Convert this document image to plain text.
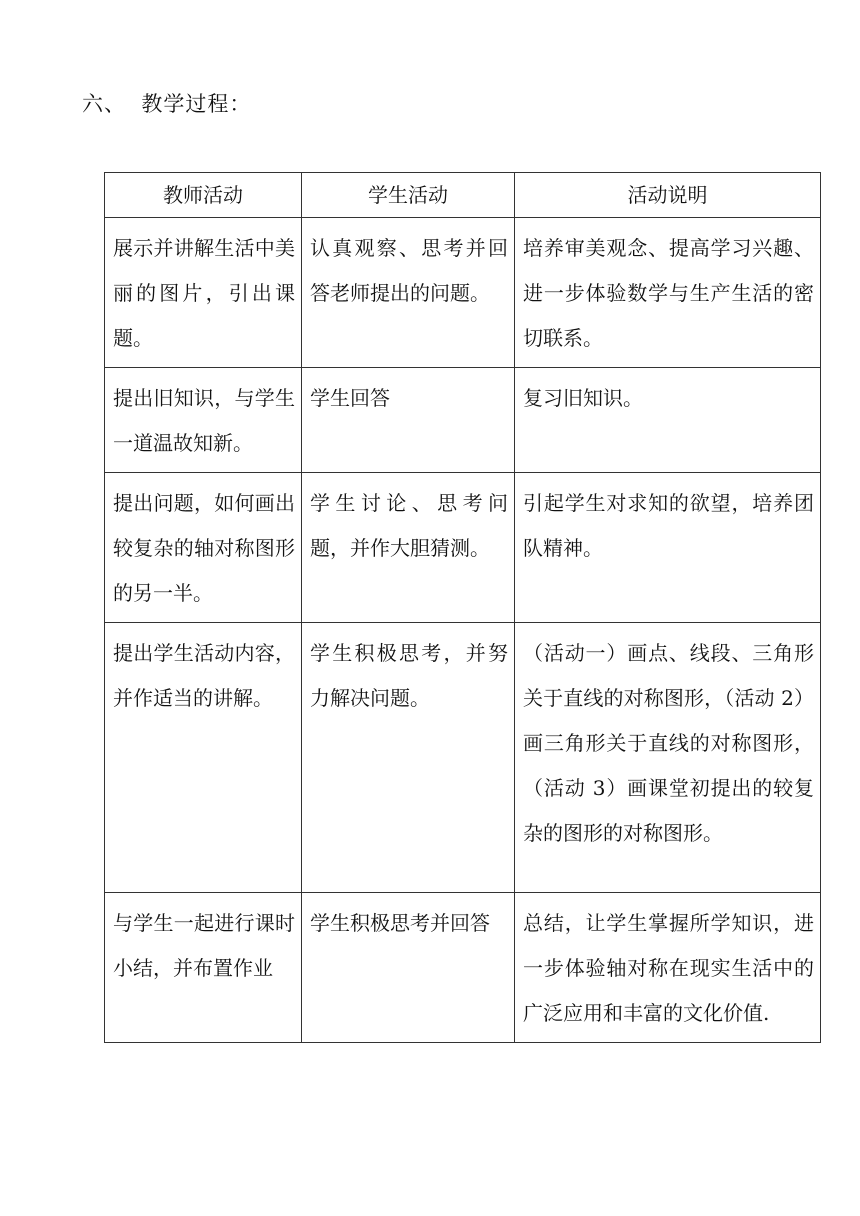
六、 教学过程：
教师活动	学生活动	活动说明
展示并讲解生活中美丽的图片，引出课题。	认真观察、思考并回答老师提出的问题。	培养审美观念、提高学习兴趣、进一步体验数学与生产生活的密切联系。
提出旧知识，与学生一道温故知新。	学生回答	复习旧知识。
提出问题，如何画出较复杂的轴对称图形的另一半。	学生讨论、思考问题，并作大胆猜测。	引起学生对求知的欲望，培养团队精神。
提出学生活动内容，并作适当的讲解。	学生积极思考，并努力解决问题。	（活动一）画点、线段、三角形关于直线的对称图形，（活动 2）画三角形关于直线的对称图形，（活动 3）画课堂初提出的较复杂的图形的对称图形。
与学生一起进行课时小结，并布置作业	学生积极思考并回答	总结，让学生掌握所学知识，进一步体验轴对称在现实生活中的广泛应用和丰富的文化价值.
